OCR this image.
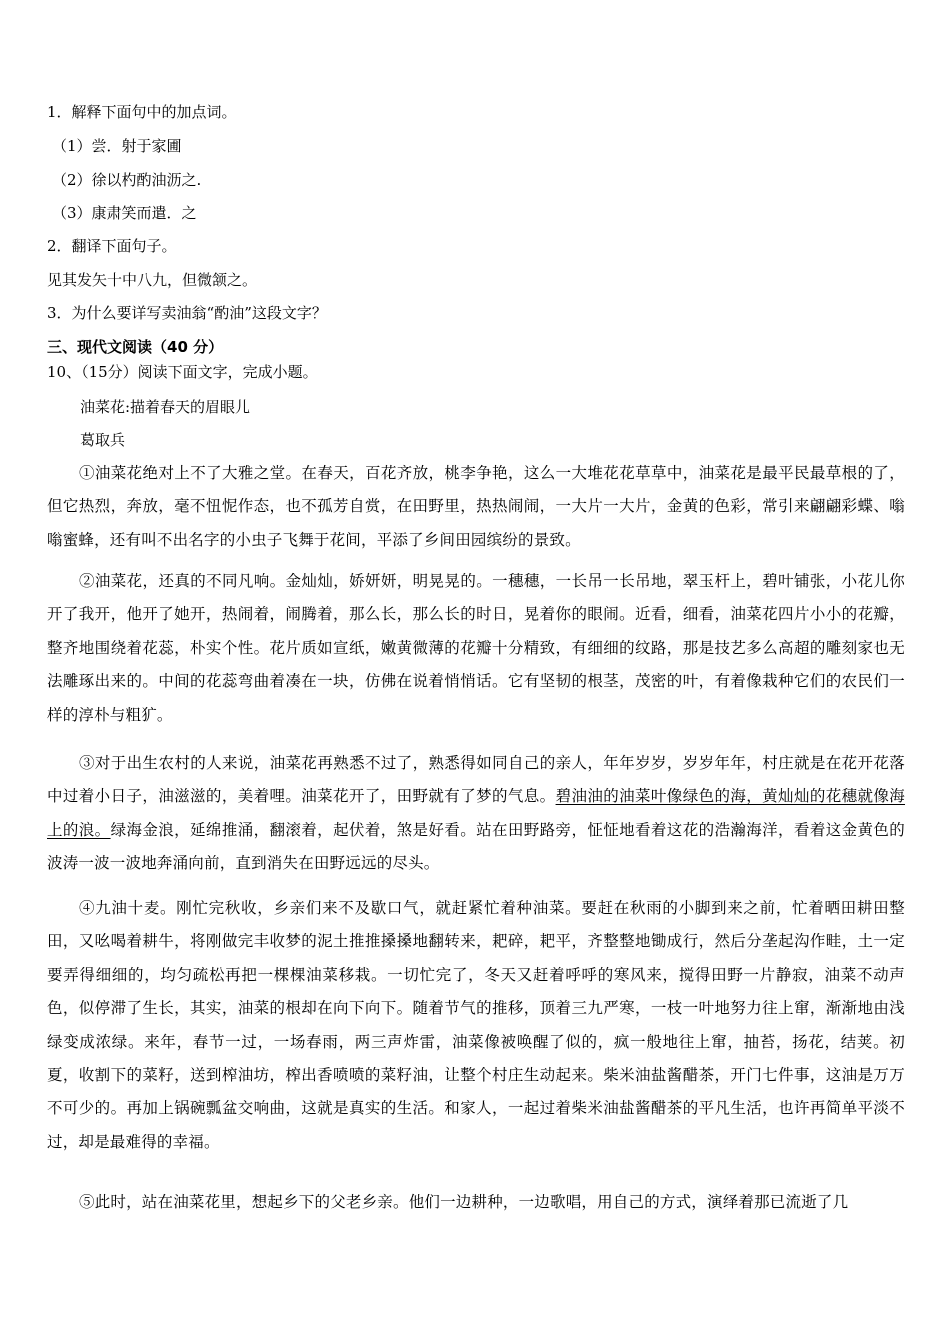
1．解释下面句中的加点词。
（1）尝．射于家圃
（2）徐以杓酌油沥之.
（3）康肃笑而遣．之
2．翻译下面句子。
见其发矢十中八九，但微颔之。
3．为什么要详写卖油翁“酌油”这段文字？
三、现代文阅读（40 分）
10、（15分）阅读下面文字，完成小题。
油菜花:描着春天的眉眼儿
葛取兵
①油菜花绝对上不了大雅之堂。在春天，百花齐放，桃李争艳，这么一大堆花花草草中，油菜花是最平民最草根的了，但它热烈，奔放，毫不忸怩作态，也不孤芳自赏，在田野里，热热闹闹，一大片一大片，金黄的色彩，常引来翩翩彩蝶、嗡嗡蜜蜂，还有叫不出名字的小虫子飞舞于花间，平添了乡间田园缤纷的景致。
②油菜花，还真的不同凡响。金灿灿，娇妍妍，明晃晃的。一穗穗，一长吊一长吊地，翠玉杆上，碧叶铺张，小花儿你开了我开，他开了她开，热闹着，闹腾着，那么长，那么长的时日，晃着你的眼闹。近看，细看，油菜花四片小小的花瓣，整齐地围绕着花蕊，朴实个性。花片质如宣纸，嫩黄微薄的花瓣十分精致，有细细的纹路，那是技艺多么高超的雕刻家也无法雕琢出来的。中间的花蕊弯曲着凑在一块，仿佛在说着悄悄话。它有坚韧的根茎，茂密的叶，有着像栽种它们的农民们一样的淳朴与粗犷。
③对于出生农村的人来说，油菜花再熟悉不过了，熟悉得如同自己的亲人，年年岁岁，岁岁年年，村庄就是在花开花落中过着小日子，油滋滋的，美着哩。油菜花开了，田野就有了梦的气息。碧油油的油菜叶像绿色的海，黄灿灿的花穗就像海上的浪。绿海金浪，延绵推涌，翻滚着，起伏着，煞是好看。站在田野路旁，怔怔地看着这花的浩瀚海洋，看着这金黄色的波涛一波一波地奔涌向前，直到消失在田野远远的尽头。
④九油十麦。刚忙完秋收，乡亲们来不及歇口气，就赶紧忙着种油菜。要赶在秋雨的小脚到来之前，忙着晒田耕田整田，又吆喝着耕牛，将刚做完丰收梦的泥土推推搡搡地翻转来，耙碎，耙平，齐整整地锄成行，然后分垄起沟作畦，土一定要弄得细细的，均匀疏松再把一棵棵油菜移栽。一切忙完了，冬天又赶着呼呼的寒风来，搅得田野一片静寂，油菜不动声色，似停滞了生长，其实，油菜的根却在向下向下。随着节气的推移，顶着三九严寒，一枝一叶地努力往上窜，渐渐地由浅绿变成浓绿。来年，春节一过，一场春雨，两三声炸雷，油菜像被唤醒了似的，疯一般地往上窜，抽苔，扬花，结荚。初夏，收割下的菜籽，送到榨油坊，榨出香喷喷的菜籽油，让整个村庄生动起来。柴米油盐酱醋茶，开门七件事，这油是万万不可少的。再加上锅碗瓢盆交响曲，这就是真实的生活。和家人，一起过着柴米油盐酱醋茶的平凡生活，也许再简单平淡不过，却是最难得的幸福。
⑤此时，站在油菜花里，想起乡下的父老乡亲。他们一边耕种，一边歌唱，用自己的方式，演绎着那已流逝了几
